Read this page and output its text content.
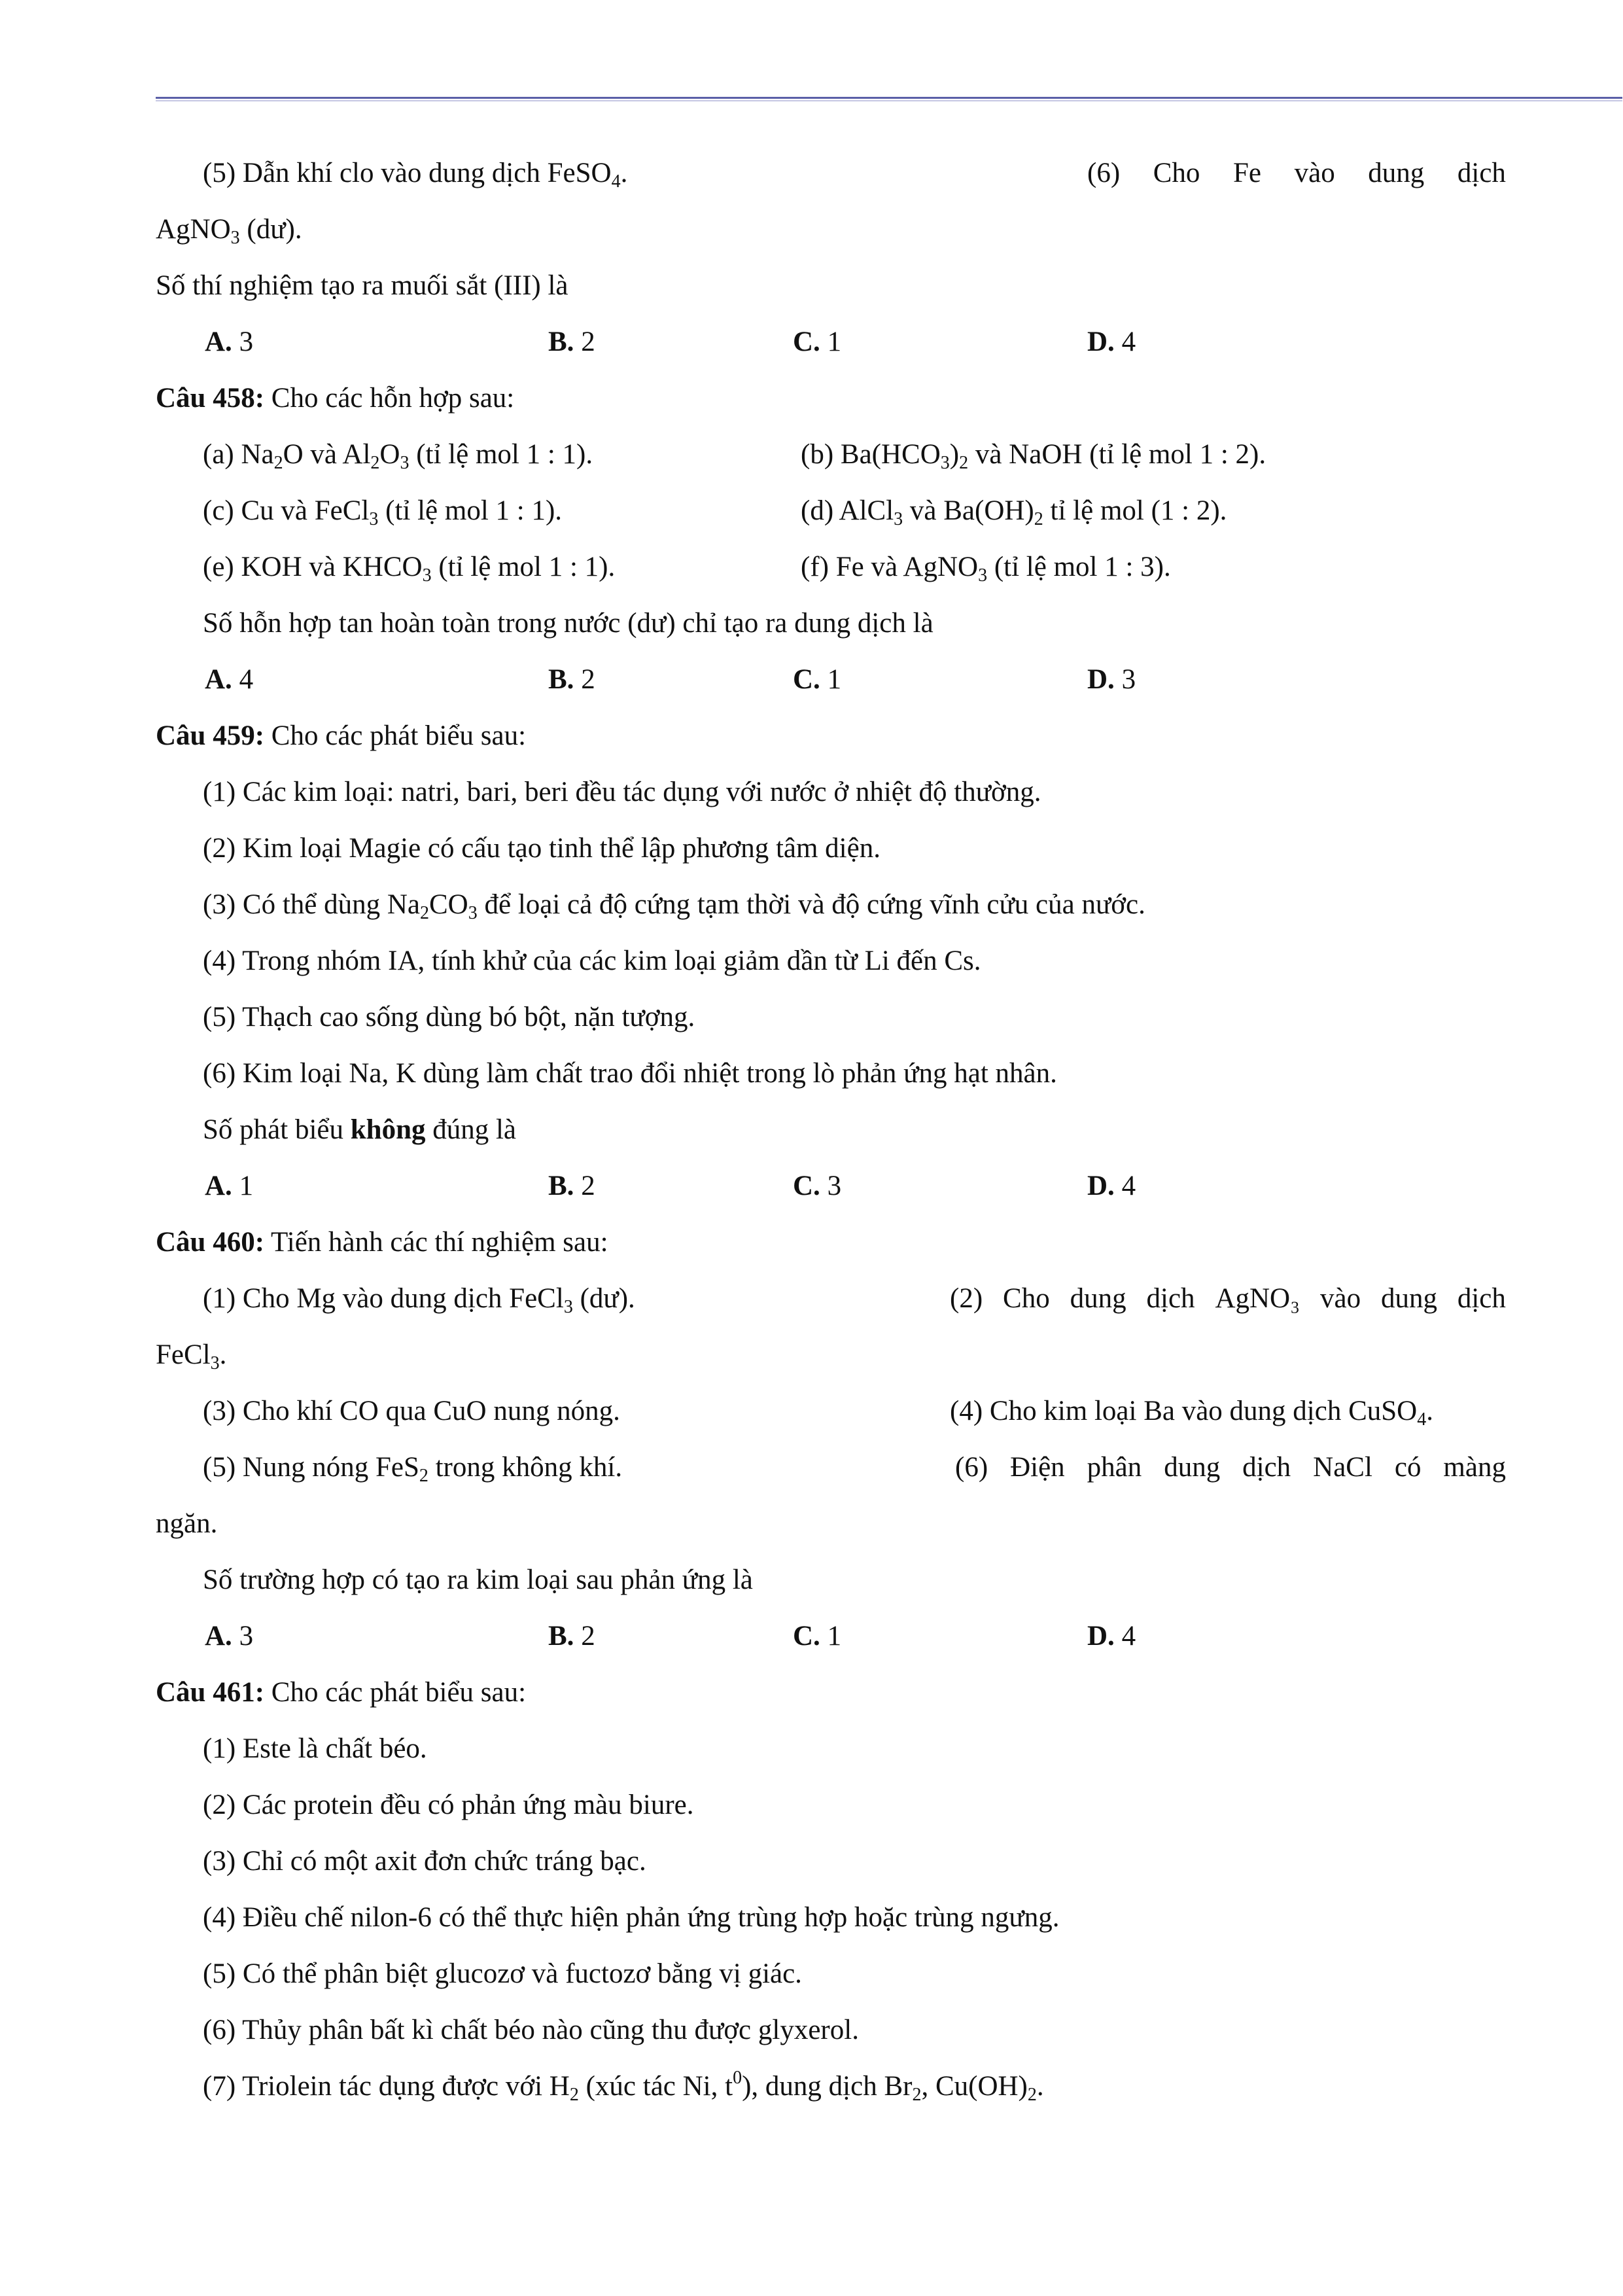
(5) Dẫn khí clo vào dung dịch FeSO$_4$.	(6) Cho Fe vào dung dịch
AgNO$_3$ (dư).
Số thí nghiệm tạo ra muối sắt (III) là
A. 3	B. 2	C. 1	D. 4
Câu 458: Cho các hỗn hợp sau:
(a) $Na_2O$ và $Al_2O_3$ (tỉ lệ mol 1 : 1).	(b) $Ba(HCO_3)_2$ và NaOH (tỉ lệ mol 1 : 2).
(c) Cu và FeCl$_3$ (tỉ lệ mol 1 : 1).	(d) AlCl$_3$ và $Ba(OH)_2$ tỉ lệ mol (1 : 2).
(e) KOH và $KHCO_3$ (tỉ lệ mol 1 : 1).	(f) Fe và AgNO$_3$ (tỉ lệ mol 1 : 3).
Số hỗn hợp tan hoàn toàn trong nước (dư) chỉ tạo ra dung dịch là
A. 4	B. 2	C. 1	D. 3
Câu 459: Cho các phát biểu sau:
(1) Các kim loại: natri, bari, beri đều tác dụng với nước ở nhiệt độ thường.
(2) Kim loại Magie có cấu tạo tinh thể lập phương tâm diện.
(3) Có thể dùng $Na_2CO_3$ để loại cả độ cứng tạm thời và độ cứng vĩnh cửu của nước.
(4) Trong nhóm IA, tính khử của các kim loại giảm dần từ Li đến Cs.
(5) Thạch cao sống dùng bó bột, nặn tượng.
(6) Kim loại Na, K dùng làm chất trao đổi nhiệt trong lò phản ứng hạt nhân.
Số phát biểu không đúng là
A. 1	B. 2	C. 3	D. 4
Câu 460: Tiến hành các thí nghiệm sau:
(1) Cho Mg vào dung dịch FeCl$_3$ (dư).	(2) Cho dung dịch AgNO₃ vào dung dịch
FeCl$_3$.
(3) Cho khí CO qua CuO nung nóng.	(4) Cho kim loại Ba vào dung dịch CuSO$_4$.
(5) Nung nóng FeS$_2$ trong không khí.	(6) Điện phân dung dịch NaCl có màng
ngăn.
Số trường hợp có tạo ra kim loại sau phản ứng là
A. 3	B. 2	C. 1	D. 4
Câu 461: Cho các phát biểu sau:
(1) Este là chất béo.
(2) Các protein đều có phản ứng màu biure.
(3) Chỉ có một axit đơn chức tráng bạc.
(4) Điều chế nilon-6 có thể thực hiện phản ứng trùng hợp hoặc trùng ngưng.
(5) Có thể phân biệt glucozơ và fuctozơ bằng vị giác.
(6) Thủy phân bất kì chất béo nào cũng thu được glyxerol.
(7) Triolein tác dụng được với $H_2$ (xúc tác Ni, $t^0$), dung dịch $Br_2$, $Cu(OH)_2$.
